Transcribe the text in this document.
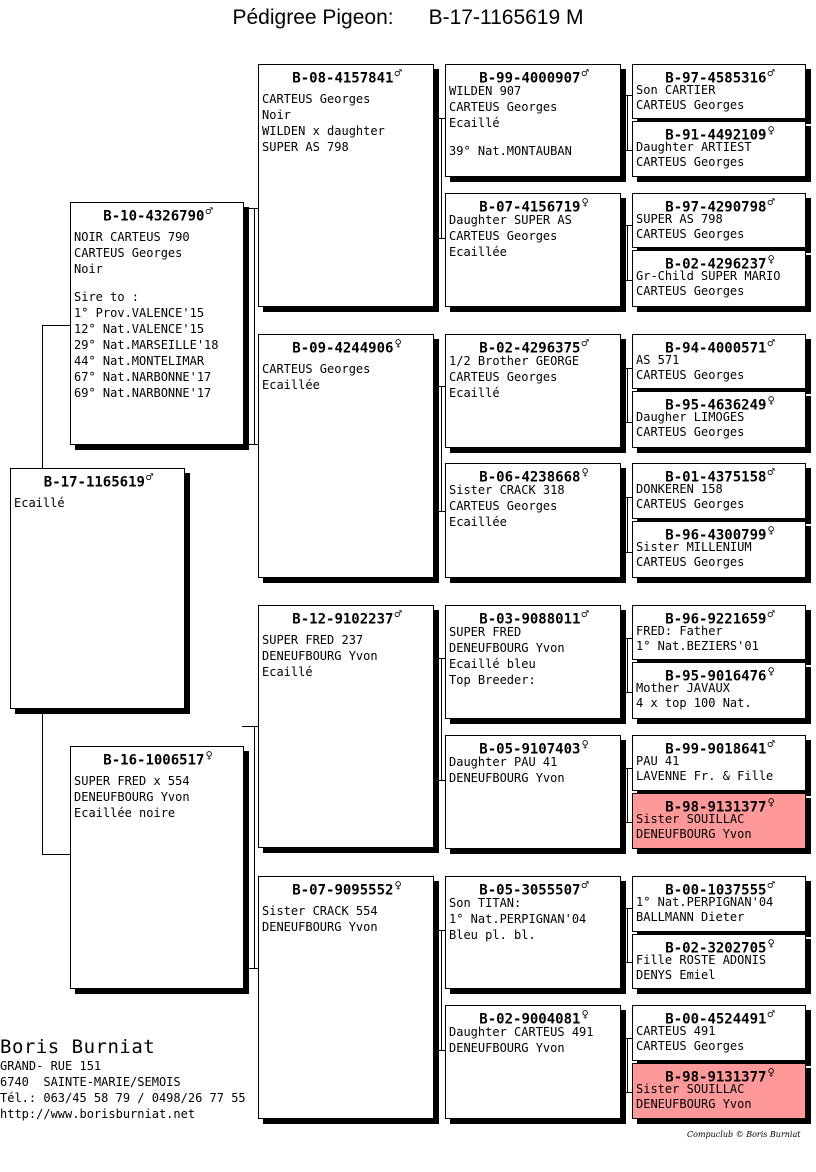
Pédigree Pigeon:      B-17-1165619 M
B-17-1165619♂
Ecaillé
B-10-4326790♂
NOIR CARTEUS 790
CARTEUS Georges
Noir
Sire to :
1° Prov.VALENCE'15
12° Nat.VALENCE'15
29° Nat.MARSEILLE'18
44° Nat.MONTELIMAR
67° Nat.NARBONNE'17
69° Nat.NARBONNE'17
B-16-1006517♀
SUPER FRED x 554
DENEUFBOURG Yvon
Ecaillée noire
B-08-4157841♂
CARTEUS Georges
Noir
WILDEN x daughter
SUPER AS 798
B-09-4244906♀
CARTEUS Georges
Ecaillée
B-12-9102237♂
SUPER FRED 237
DENEUFBOURG Yvon
Ecaillé
B-07-9095552♀
Sister CRACK 554
DENEUFBOURG Yvon
B-99-4000907♂
WILDEN 907
CARTEUS Georges
Ecaillé
39° Nat.MONTAUBAN
B-07-4156719♀
Daughter SUPER AS
CARTEUS Georges
Ecaillée
B-02-4296375♂
1/2 Brother GEORGE
CARTEUS Georges
Ecaillé
B-06-4238668♀
Sister CRACK 318
CARTEUS Georges
Ecaillée
B-03-9088011♂
SUPER FRED
DENEUFBOURG Yvon
Ecaillé bleu
Top Breeder:
B-05-9107403♀
Daughter PAU 41
DENEUFBOURG Yvon
B-05-3055507♂
Son TITAN:
1° Nat.PERPIGNAN'04
Bleu pl. bl.
B-02-9004081♀
Daughter CARTEUS 491
DENEUFBOURG Yvon
B-97-4585316♂
Son CARTIER
CARTEUS Georges
B-91-4492109♀
Daughter ARTIEST
CARTEUS Georges
B-97-4290798♂
SUPER AS 798
CARTEUS Georges
B-02-4296237♀
Gr-Child SUPER MARIO
CARTEUS Georges
B-94-4000571♂
AS 571
CARTEUS Georges
B-95-4636249♀
Daugher LIMOGES
CARTEUS Georges
B-01-4375158♂
DONKEREN 158
CARTEUS Georges
B-96-4300799♀
Sister MILLENIUM
CARTEUS Georges
B-96-9221659♂
FRED: Father
1° Nat.BEZIERS'01
B-95-9016476♀
Mother JAVAUX
4 x top 100 Nat.
B-99-9018641♂
PAU 41
LAVENNE Fr. & Fille
B-98-9131377♀
Sister SOUILLAC
DENEUFBOURG Yvon
B-00-1037555♂
1° Nat.PERPIGNAN'04
BALLMANN Dieter
B-02-3202705♀
Fille ROSTE ADONIS
DENYS Emiel
B-00-4524491♂
CARTEUS 491
CARTEUS Georges
B-98-9131377♀
Sister SOUILLAC
DENEUFBOURG Yvon
Boris Burniat
GRAND- RUE 151
6740  SAINTE-MARIE/SEMOIS
Tél.: 063/45 58 79 / 0498/26 77 55
http://www.borisburniat.net
Compuclub © Boris Burniat
